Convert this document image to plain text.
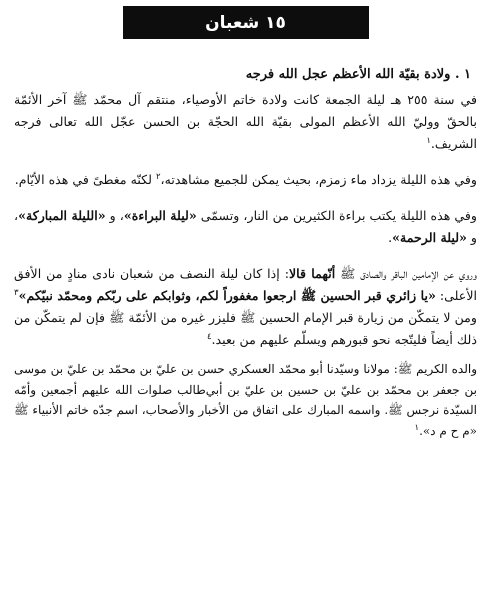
١٥ شعبان
١ . ولادة بقيّة الله الأعظم عجل الله فرجه

في سنة ٢٥٥ هـ ليلة الجمعة كانت ولادة خاتم الأوصياء، منتقم آل محمّد ﷺ آخر الأئمّة بالحقّ ووليّ الله الأعظم المولى بقيّة الله الحجّة بن الحسن عجّل الله تعالى فرجه الشريف.$^١$

وفي هذه الليلة يزداد ماء زمزم، بحيث يمكن للجميع مشاهدته،$^٢$ لكنّه مغطىً في هذه الأيّام.

وفي هذه الليلة يكتب براءة الكثيرين من النار، وتسمّى «ليلة البراءة»، و «الليلة المباركة»، و «ليلة الرحمة».

وروي عن الإمامين الباقر والصادق ﷺ أنّهما قالا: إذا كان ليلة النصف من شعبان نادى منادٍ من الأفق الأعلى: «يا زائري قبر الحسين ﷺ ارجعوا مغفوراً لكم، وثوابكم على ربّكم ومحمّد نبيّكم»$^٣$ ومن لا يتمكّن من زيارة قبر الإمام الحسين ﷺ فليزر غيره من الأئمّة ﷺ فإن لم يتمكّن من ذلك أيضاً فليتّجه نحو قبورهم ويسلّم عليهم من بعيد.$^٤$

والده الكريم ﷺ: مولانا وسيّدنا أبو محمّد العسكري حسن بن عليّ بن محمّد بن عليّ بن موسى بن جعفر بن محمّد بن عليّ بن حسين بن عليّ بن أبي‌طالب صلوات الله عليهم أجمعين وأمّه السيّدة نرجس ﷺ. واسمه المبارك على اتفاق من الأخبار والأصحاب، اسم جدّه خاتم الأنبياء ﷺ «م ح م د».$^١$
